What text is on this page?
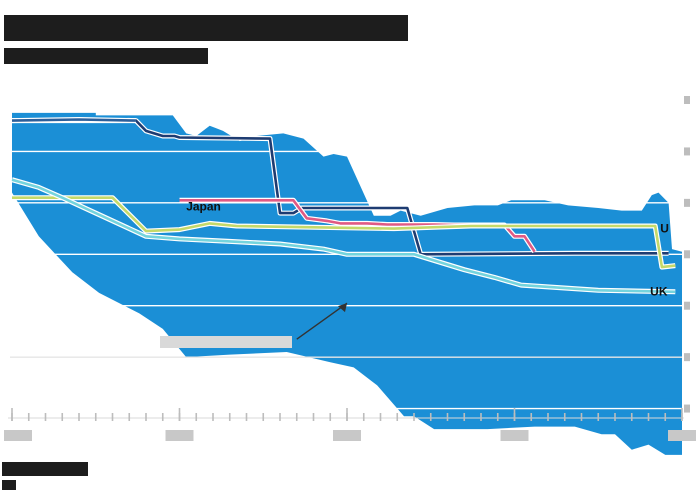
Japan
U
UK
